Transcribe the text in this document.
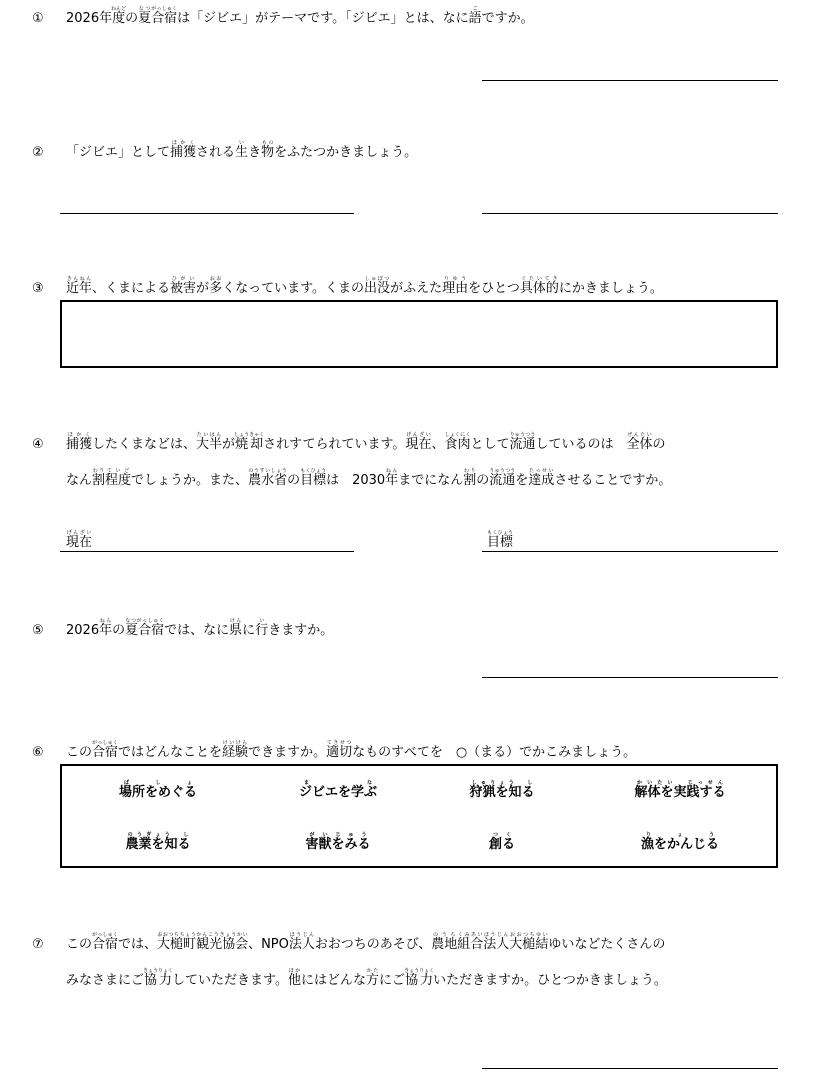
① 2026年度ねんどの夏なつ合宿がっしゅくは「ジビエ」がテーマです。「ジビエ」とは、なに語ごですか。
② 「ジビエ」として捕獲ほかくされる生いき物ものをふたつかきましょう。
③ 近年きんねん、くまによる被害ひがいが多おおくなっています。くまの出没しゅぼつがふえた理由りゆうをひとつ具体的ぐたいてきにかきましょう。
④ 捕獲ほかくしたくまなどは、大半たいはんが焼却しょうきゃくされすてられています。現在げんざい、食肉しょくにくとして流通りゅうつうしているのは　全体ぜんたいの
なん割わり程度ていどでしょうか。また、農水省のうすいしょうの目標もくひょうは　2030年ねんまでになん割わりの流通りゅうつうを達成たっせいさせることですか。
現在げんざい
目標もくひょう
⑤ 2026年ねんの夏合宿なつがっしゅくでは、なに県けんに行いきますか。
⑥ この合宿がっしゅくではどんなことを経験けいけんできますか。適切てきせつなものすべてを　○（まる）でかこみましょう。
場所をめぐるばしょ
ジビエを学ぶまな
狩猟を知るしゅりょう　し
解体を実践するかいたい　じっせん
農業を知るのうぎょう　し
害獣をみるがいじゅう
創るつく
漁をかんじるりょう
⑦ この合宿がっしゅくでは、大槌町おおつちちょう観光協会かんこうきょうかい、NPO法人ほうじんおおつちのあそび、農地のうち組合くみあい法人ほうじん大槌おおつち結ゆいゆいなどたくさんの
みなさまにご協力きょうりょくしていただきます。他ほかにはどんな方かたにご協力きょうりょくいただきますか。ひとつかきましょう。
